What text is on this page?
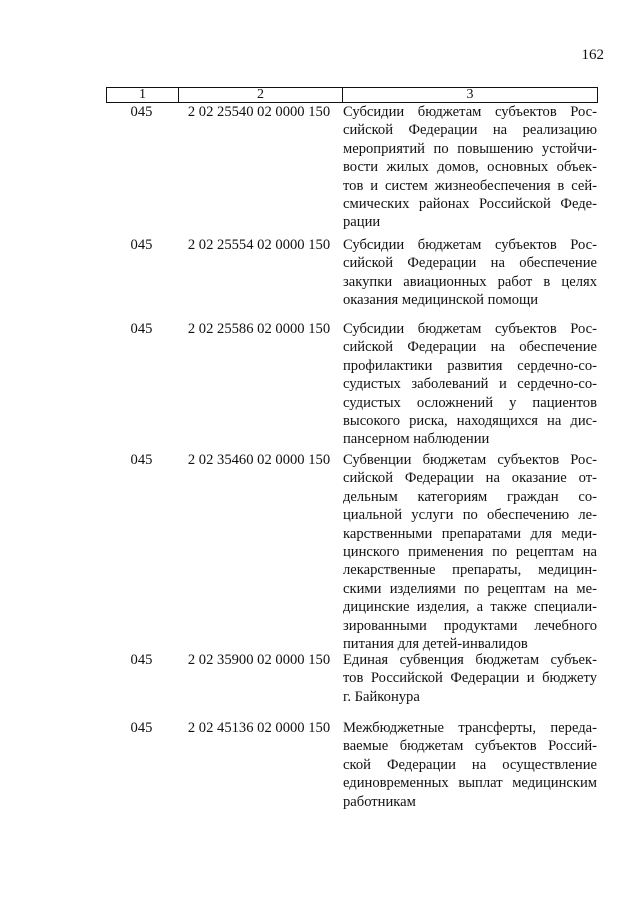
162
1	2	3
045	2 02 25540 02 0000 150 Субсидии бюджетам субъектов Рос-
сийской Федерации на реализацию
мероприятий по повышению устойчи-
вости жилых домов, основных объек-
тов и систем жизнеобеспечения в сей-
смических районах Российской Феде-
рации
045	2 02 25554 02 0000 150 Субсидии бюджетам субъектов Рос-
сийской Федерации на обеспечение
закупки авиационных работ в целях
оказания медицинской помощи
045	2 02 25586 02 0000 150 Субсидии бюджетам субъектов Рос-
сийской Федерации на обеспечение
профилактики развития сердечно-со-
судистых заболеваний и сердечно-со-
судистых осложнений у пациентов
высокого риска, находящихся на дис-
пансерном наблюдении
045	2 02 35460 02 0000 150 Субвенции бюджетам субъектов Рос-
сийской Федерации на оказание от-
дельным категориям граждан со-
циальной услуги по обеспечению ле-
карственными препаратами для меди-
цинского применения по рецептам на
лекарственные препараты, медицин-
скими изделиями по рецептам на ме-
дицинские изделия, а также специали-
зированными продуктами лечебного
питания для детей-инвалидов
045	2 02 35900 02 0000 150 Единая субвенция бюджетам субъек-
тов Российской Федерации и бюджету
г. Байконура
045	2 02 45136 02 0000 150 Межбюджетные трансферты, переда-
ваемые бюджетам субъектов Россий-
ской Федерации на осуществление
единовременных выплат медицинским
работникам
